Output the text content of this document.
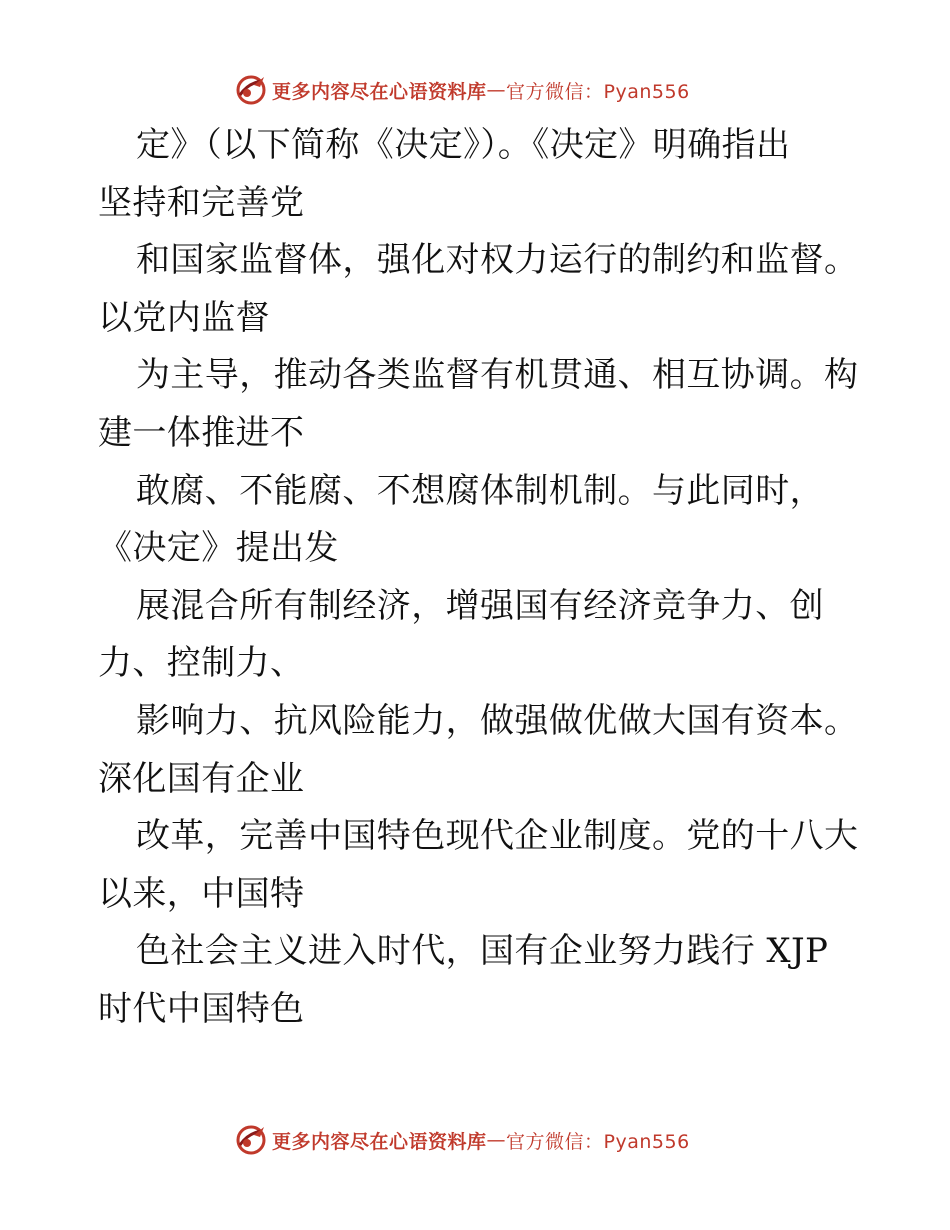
更多内容尽在心语资料库 — 官方微信：Pyan556
定》（以下简称《决定》）。《决定》明确指出
坚持和完善党
和国家监督体，强化对权力运行的制约和监督。
以党内监督
为主导，推动各类监督有机贯通、相互协调。构
建一体推进不
敢腐、不能腐、不想腐体制机制。与此同时，
《决定》提出发
展混合所有制经济，增强国有经济竞争力、创
力、控制力、
影响力、抗风险能力，做强做优做大国有资本。
深化国有企业
改革，完善中国特色现代企业制度。党的十八大
以来，中国特
色社会主义进入时代，国有企业努力践行 XJP
时代中国特色
更多内容尽在心语资料库 — 官方微信：Pyan556
